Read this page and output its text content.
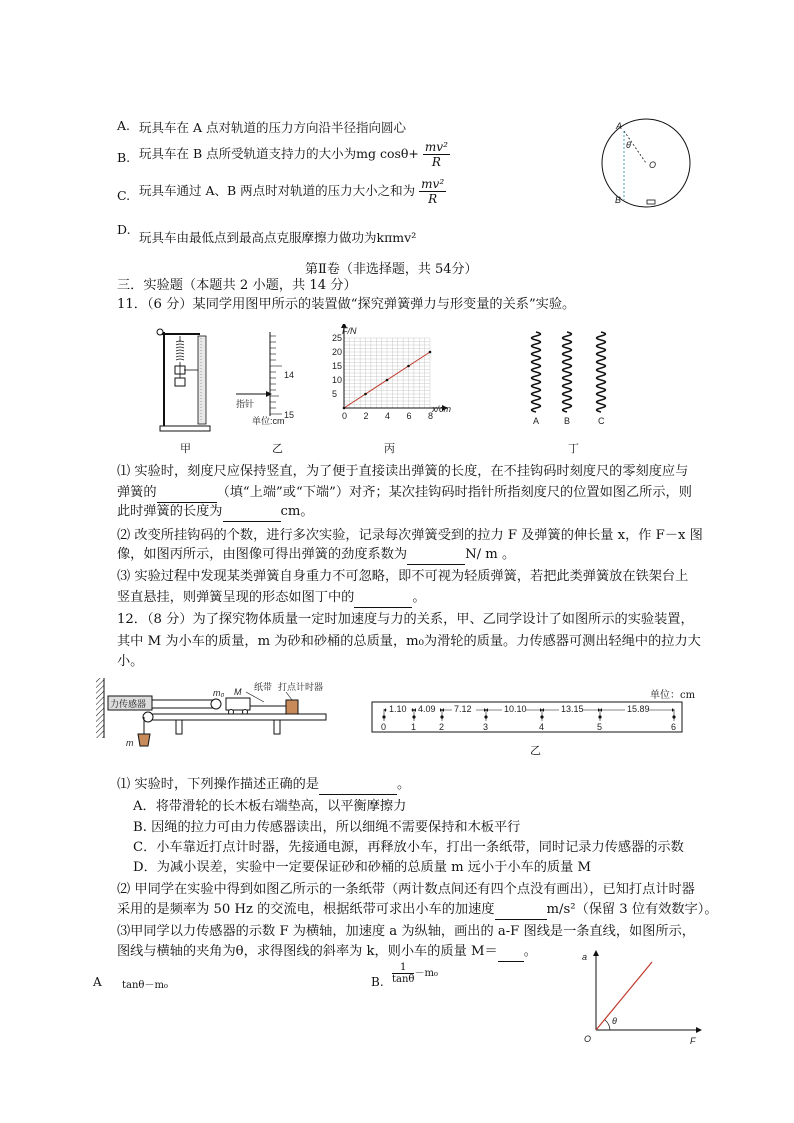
A. 玩具车在 A 点对轨道的压力方向沿半径指向圆心
B. 玩具车在 B 点所受轨道支持力的大小为mg $\cos\theta+ \frac{\text{mv²}}{R}$
C. 玩具车通过 A、B 两点时对轨道的压力大小之和为 $\frac{\text{mv²}}{R}$
D.
玩具车由最低点到最高点克服摩擦力做功为kπmv²
A
B
O
θ
第Ⅱ卷（非选择题，共 54分）
三．实验题（本题共 2 小题，共 14 分）
11．（6 分）某同学用图甲所示的装置做“探究弹簧弹力与形变量的关系”实验。
14
15
指针
单位:cm	0 2 4 6 8
5
10
15
20
25
F/N
x/cm
A	B	C
甲	乙	丙	丁
⑴ 实验时，刻度尺应保持竖直，为了便于直接读出弹簧的长度，在不挂钩码时刻度尺的零刻度应与
弹簧的	（填“上端”或“下端”）对齐；某次挂钩码时指针所指刻度尺的位置如图乙所示，则
此时弹簧的长度为	cm。
⑵ 改变所挂钩码的个数，进行多次实验，记录每次弹簧受到的拉力 F 及弹簧的伸长量 x，作 F－x 图
像，如图丙所示，由图像可得出弹簧的劲度系数为	N/ m 。
⑶ 实验过程中发现某类弹簧自身重力不可忽略，即不可视为轻质弹簧，若把此类弹簧放在铁架台上
竖直悬挂，则弹簧呈现的形态如图丁中的	。
12．（8 分）为了探究物体质量一定时加速度与力的关系，甲、乙同学设计了如图所示的实验装置，
其中 M 为小车的质量，m 为砂和砂桶的总质量，m₀为滑轮的质量。力传感器可测出轻绳中的拉力大
小。
力传感器
m₀ M 纸带 打点计时器
m
单位：cm
0	1	2	3	4	5	6
1.10 4.09 7.12	10.10	13.15	15.89
乙
⑴ 实验时，下列操作描述正确的是	。
A．将带滑轮的长木板右端垫高，以平衡摩擦力
B. 因绳的拉力可由力传感器读出，所以细绳不需要保持和木板平行
C．小车靠近打点计时器，先接通电源，再释放小车，打出一条纸带，同时记录力传感器的示数
D．为减小误差，实验中一定要保证砂和砂桶的总质量 m 远小于小车的质量 M
⑵ 甲同学在实验中得到如图乙所示的一条纸带（两计数点间还有四个点没有画出），已知打点计时器
采用的是频率为 50 Hz 的交流电，根据纸带可求出小车的加速度	m/s²（保留 3 位有效数字）。
⑶甲同学以力传感器的示数 F 为横轴，加速度 a 为纵轴，画出的 a-F 图线是一条直线，如图所示，
图线与横轴的夹角为θ，求得图线的斜率为 k，则小车的质量 M＝ 。
A tanθ－m₀	B. $\frac{1}{\tan\theta} -m_0$
θ
a
F
O
